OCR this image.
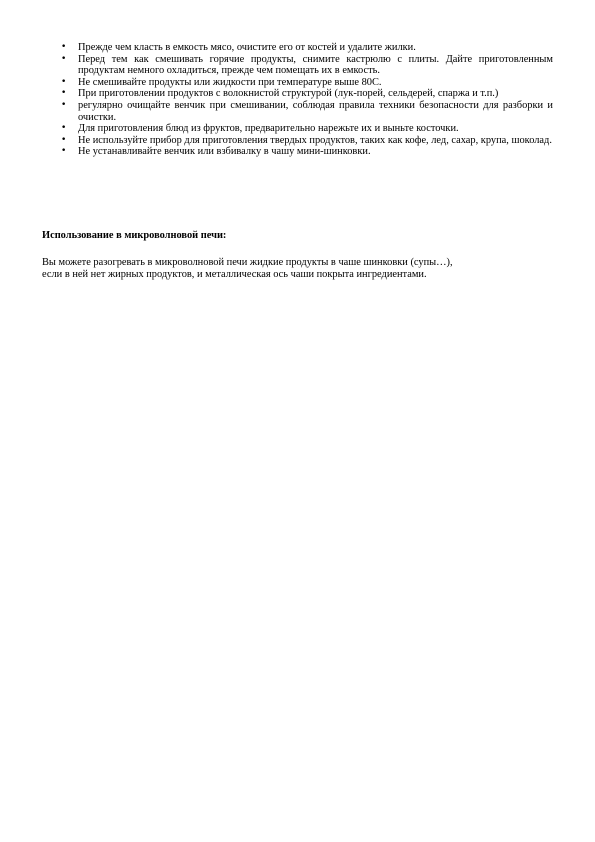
• Прежде чем класть в емкость мясо, очистите его от костей и удалите жилки.
• Перед тем как смешивать горячие продукты, снимите кастрюлю с плиты. Дайте приготовленным продуктам немного охладиться, прежде чем помещать их в емкость.
• Не смешивайте продукты или жидкости при температуре выше 80С.
• При приготовлении продуктов с волокнистой структурой (лук-порей, сельдерей, спаржа и т.п.)
• регулярно очищайте венчик при смешивании, соблюдая правила техники безопасности для разборки и очистки.
• Для приготовления блюд из фруктов, предварительно нарежьте их и выньте косточки.
• Не используйте прибор для приготовления твердых продуктов, таких как кофе, лед, сахар, крупа, шоколад.
• Не устанавливайте венчик или взбивалку в чашу мини-шинковки.
Использование в микроволновой печи:
Вы можете разогревать в микроволновой печи жидкие продукты в чаше шинковки (супы…),
если в ней нет жирных продуктов, и металлическая ось чаши покрыта ингредиентами.
